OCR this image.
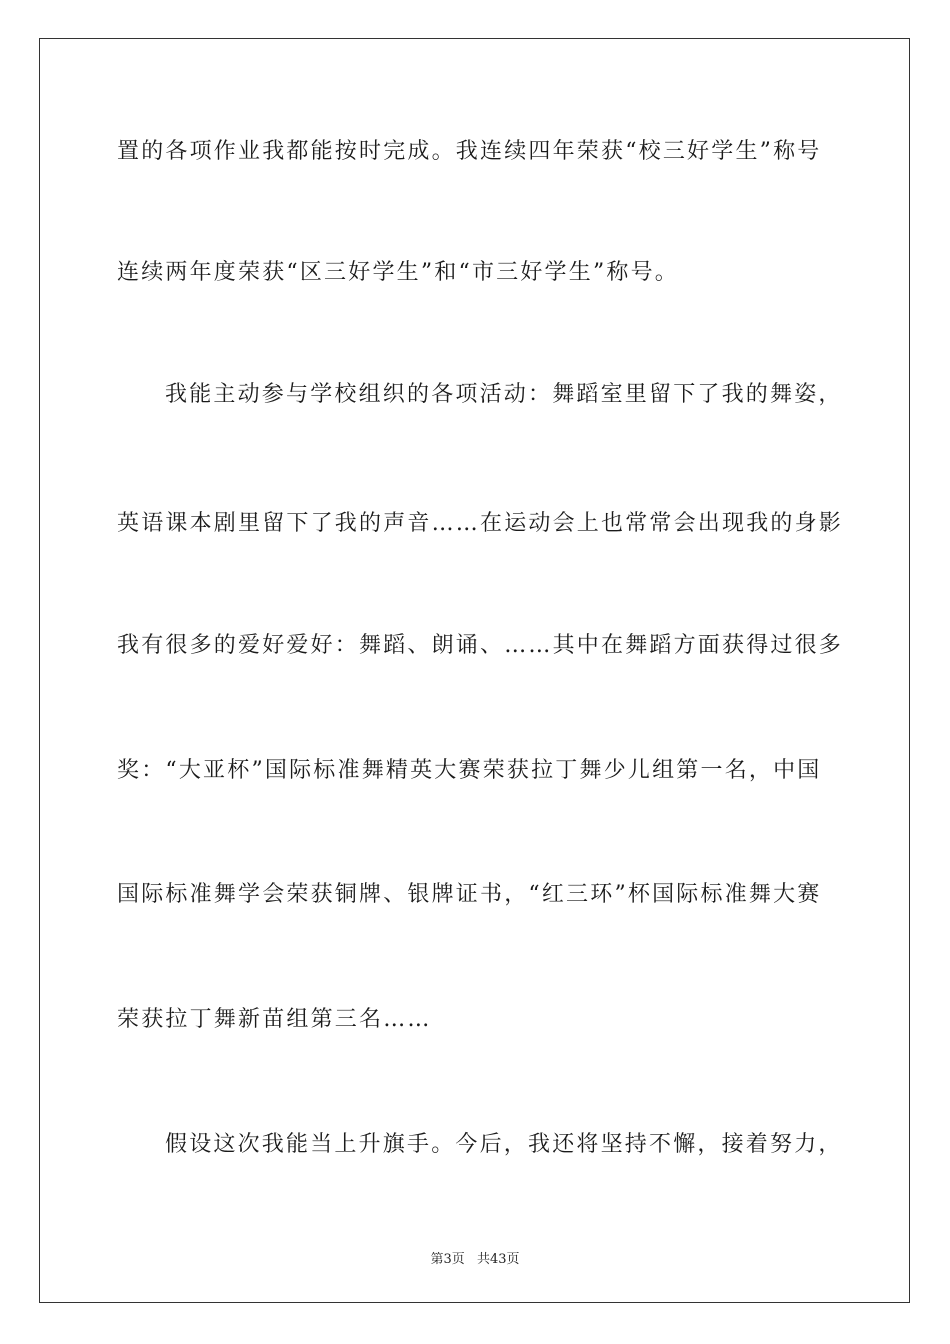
置的各项作业我都能按时完成。我连续四年荣获“校三好学生”称号
连续两年度荣获“区三好学生”和“市三好学生”称号。
我能主动参与学校组织的各项活动：舞蹈室里留下了我的舞姿，
英语课本剧里留下了我的声音……在运动会上也常常会出现我的身影
我有很多的爱好爱好：舞蹈、朗诵、……其中在舞蹈方面获得过很多
奖：“大亚杯”国际标准舞精英大赛荣获拉丁舞少儿组第一名，中国
国际标准舞学会荣获铜牌、银牌证书，“红三环”杯国际标准舞大赛
荣获拉丁舞新苗组第三名……
假设这次我能当上升旗手。今后，我还将坚持不懈，接着努力，
第3页 共43页
